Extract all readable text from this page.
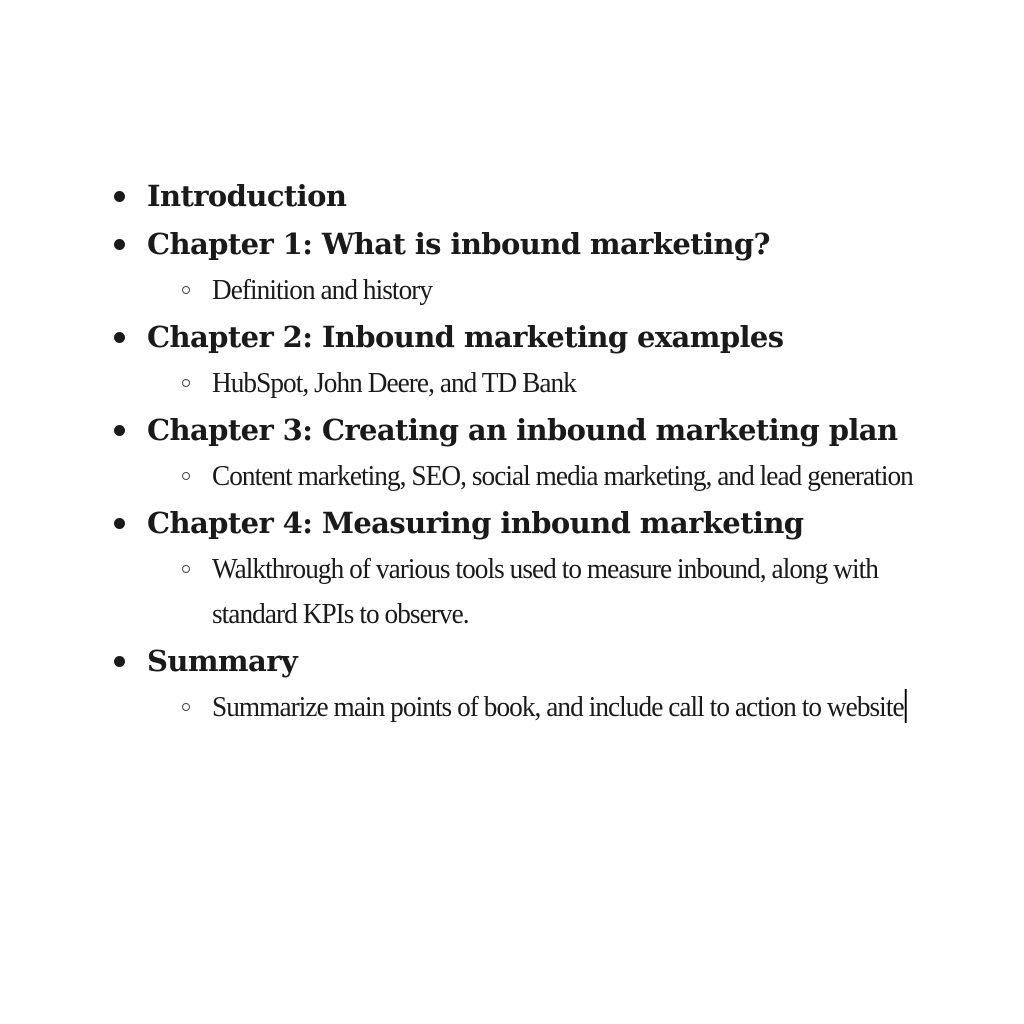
Introduction
Chapter 1: What is inbound marketing?
Definition and history
Chapter 2: Inbound marketing examples
HubSpot, John Deere, and TD Bank
Chapter 3: Creating an inbound marketing plan
Content marketing, SEO, social media marketing, and lead generation
Chapter 4: Measuring inbound marketing
Walkthrough of various tools used to measure inbound, along with standard KPIs to observe.
Summary
Summarize main points of book, and include call to action to website
